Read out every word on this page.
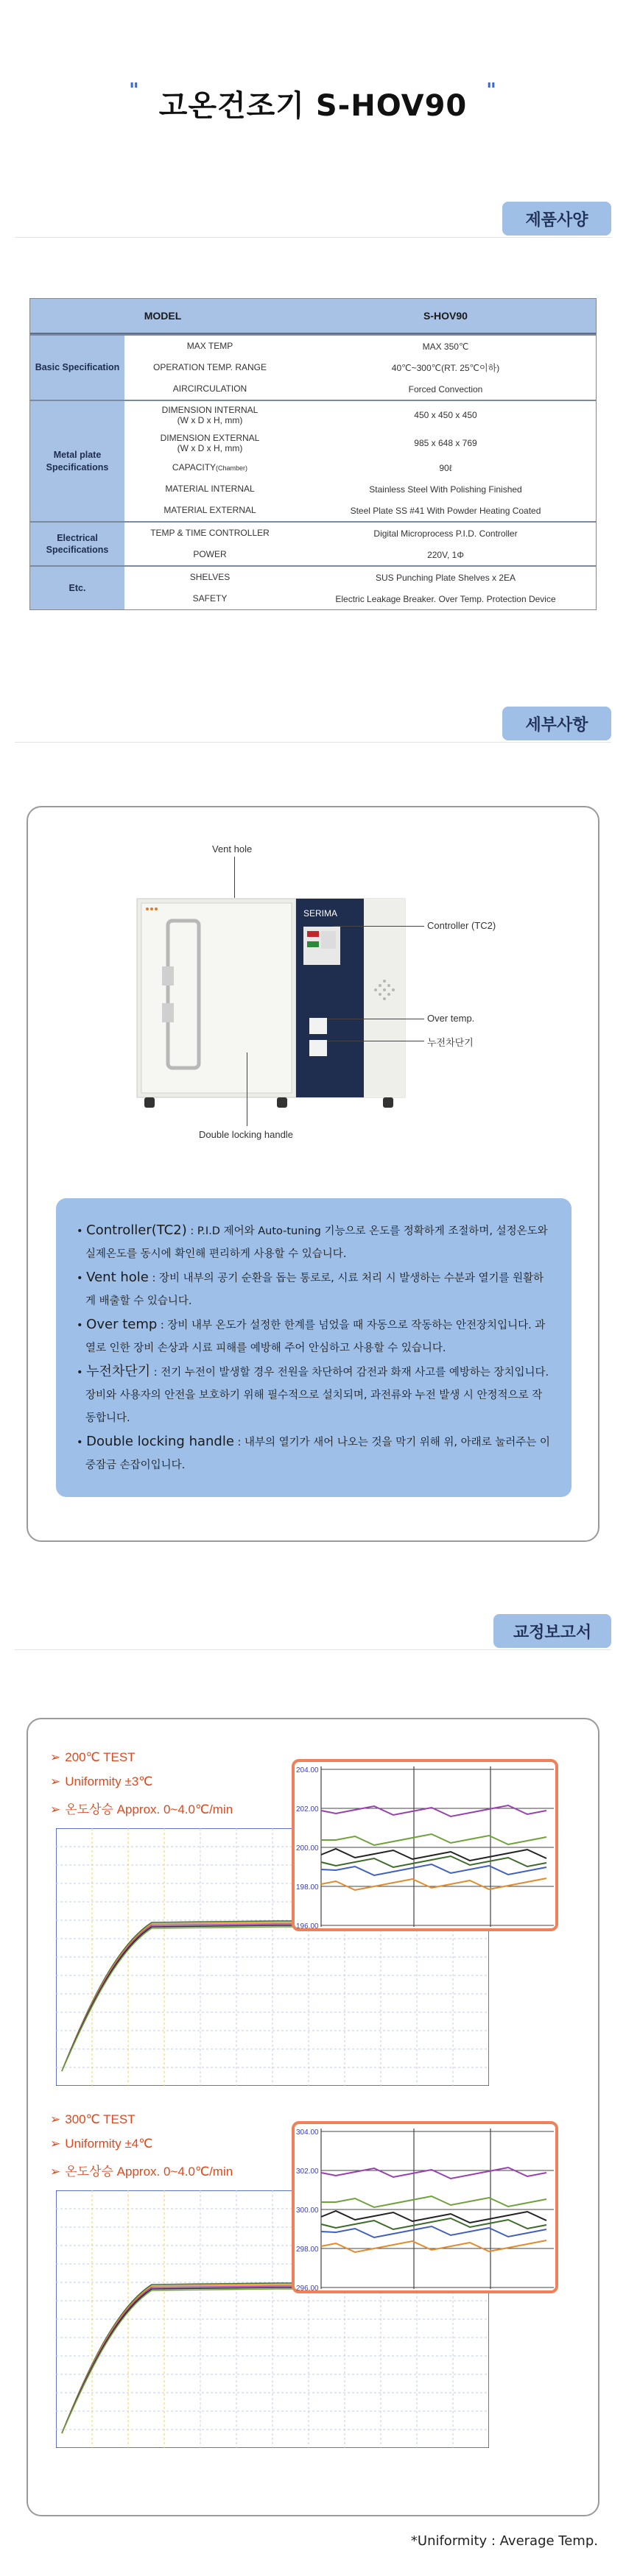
" 고온건조기 S-HOV90 "
제품사양
MODEL	S-HOV90
Basic Specification
MAX TEMP	MAX 350℃
OPERATION TEMP. RANGE	40℃~300℃(RT. 25℃이하)
AIRCIRCULATION	Forced Convection
Metal plate Specifications
DIMENSION INTERNAL
(W x D x H, mm)	450 x 450 x 450
DIMENSION EXTERNAL
(W x D x H, mm)	985 x 648 x 769
CAPACITY(Chamber)	90ℓ
MATERIAL INTERNAL	Stainless Steel With Polishing Finished
MATERIAL EXTERNAL	Steel Plate SS #41 With Powder Heating Coated
Electrical Specifications
TEMP & TIME CONTROLLER	Digital Microprocess P.I.D. Controller
POWER	220V, 1Φ
Etc.
SHELVES	SUS Punching Plate Shelves x 2EA
SAFETY	Electric Leakage Breaker. Over Temp. Protection Device
세부사항
SERIMA
Vent hole
Controller (TC2)
Over temp.
누전차단기
Double locking handle
• Controller(TC2) : P.I.D 제어와 Auto-tuning 기능으로 온도를 정확하게 조절하며, 설정온도와 실제온도를 동시에 확인해 편리하게 사용할 수 있습니다.
• Vent hole : 장비 내부의 공기 순환을 돕는 통로로, 시료 처리 시 발생하는 수분과 열기를 원활하게 배출할 수 있습니다.
• Over temp : 장비 내부 온도가 설정한 한계를 넘었을 때 자동으로 작동하는 안전장치입니다. 과열로 인한 장비 손상과 시료 피해를 예방해 주어 안심하고 사용할 수 있습니다.
• 누전차단기 : 전기 누전이 발생할 경우 전원을 차단하여 감전과 화재 사고를 예방하는 장치입니다. 장비와 사용자의 안전을 보호하기 위해 필수적으로 설치되며, 과전류와 누전 발생 시 안정적으로 작동합니다.
• Double locking handle : 내부의 열기가 새어 나오는 것을 막기 위해 위, 아래로 눌러주는 이중잠금 손잡이입니다.
교정보고서
➢ 200℃ TEST
➢ Uniformity ±3℃
➢ 온도상승 Approx. 0~4.0℃/min
204.00
202.00
200.00
198.00
196.00
➢ 300℃ TEST
➢ Uniformity ±4℃
➢ 온도상승 Approx. 0~4.0℃/min
304.00
302.00
300.00
298.00
296.00
*Uniformity : Average Temp.
